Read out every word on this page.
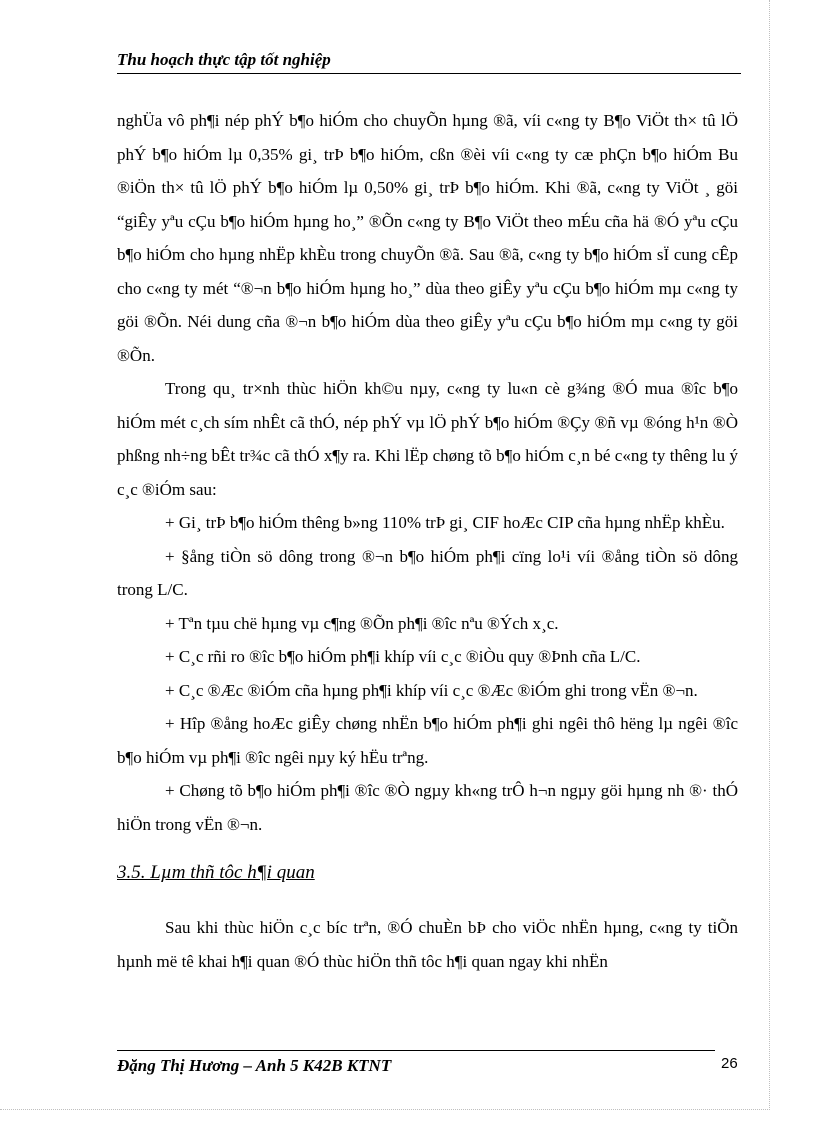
Thu hoạch thực tập tốt nghiệp

nghÜa vô ph¶i nép phÝ b¶o hiÓm cho chuyÕn hµng ®ã, víi c«ng ty B¶o ViÖt th× tû lÖ phÝ b¶o hiÓm lµ 0,35% gi¸ trÞ b¶o hiÓm, cßn ®èi víi c«ng ty cæ phÇn b¶o hiÓm Bu ®iÖn th× tû lÖ phÝ b¶o hiÓm lµ 0,50% gi¸ trÞ b¶o hiÓm. Khi ®ã, c«ng ty ViÖt ¸ göi “giÊy yªu cÇu b¶o hiÓm hµng ho¸” ®Õn c«ng ty B¶o ViÖt theo mÉu cña hä ®Ó yªu cÇu b¶o hiÓm cho hµng nhËp khÈu trong chuyÕn ®ã. Sau ®ã, c«ng ty b¶o hiÓm sÏ cung cÊp cho c«ng ty mét “®¬n b¶o hiÓm hµng ho¸” dùa theo giÊy yªu cÇu b¶o hiÓm mµ c«ng ty göi ®Õn. Néi dung cña ®¬n b¶o hiÓm dùa theo giÊy yªu cÇu b¶o hiÓm mµ c«ng ty göi ®Õn.

Trong qu¸ tr×nh thùc hiÖn kh©u nµy, c«ng ty lu«n cè g¾ng ®Ó mua ®îc b¶o hiÓm mét c¸ch sím nhÊt cã thÓ, nép phÝ vµ lÖ phÝ b¶o hiÓm ®Çy ®ñ vµ ®óng h¹n ®Ò phßng nh÷ng bÊt tr¾c cã thÓ x¶y ra. Khi lËp chøng tõ b¶o hiÓm c¸n bé c«ng ty thêng lu ý c¸c ®iÓm sau:

+ Gi¸ trÞ b¶o hiÓm thêng b»ng 110% trÞ gi¸ CIF hoÆc CIP cña hµng nhËp khÈu.

+ §ång tiÒn sö dông trong ®¬n b¶o hiÓm ph¶i cïng lo¹i víi ®ång tiÒn sö dông trong L/C.

+ Tªn tµu chë hµng vµ c¶ng ®Õn ph¶i ®îc nªu ®Ých x¸c.

+ C¸c rñi ro ®îc b¶o hiÓm ph¶i khíp víi c¸c ®iÒu quy ®Þnh cña L/C.

+ C¸c ®Æc ®iÓm cña hµng ph¶i khíp víi c¸c ®Æc ®iÓm ghi trong vËn ®¬n.

+ Hîp ®ång hoÆc giÊy chøng nhËn b¶o hiÓm ph¶i ghi ngêi thô hëng lµ ngêi ®îc b¶o hiÓm vµ ph¶i ®îc ngêi nµy ký hËu trªng.

+ Chøng tõ b¶o hiÓm ph¶i ®îc ®Ò ngµy kh«ng trÔ h¬n ngµy göi hµng nh ®· thÓ hiÖn trong vËn ®¬n.

3.5. Lµm thñ tôc h¶i quan

Sau khi thùc hiÖn c¸c bíc trªn, ®Ó chuÈn bÞ cho viÖc nhËn hµng, c«ng ty tiÕn hµnh më tê khai h¶i quan ®Ó thùc hiÖn thñ tôc h¶i quan ngay khi nhËn

Đặng Thị Hương – Anh 5 K42B KTNT	26
